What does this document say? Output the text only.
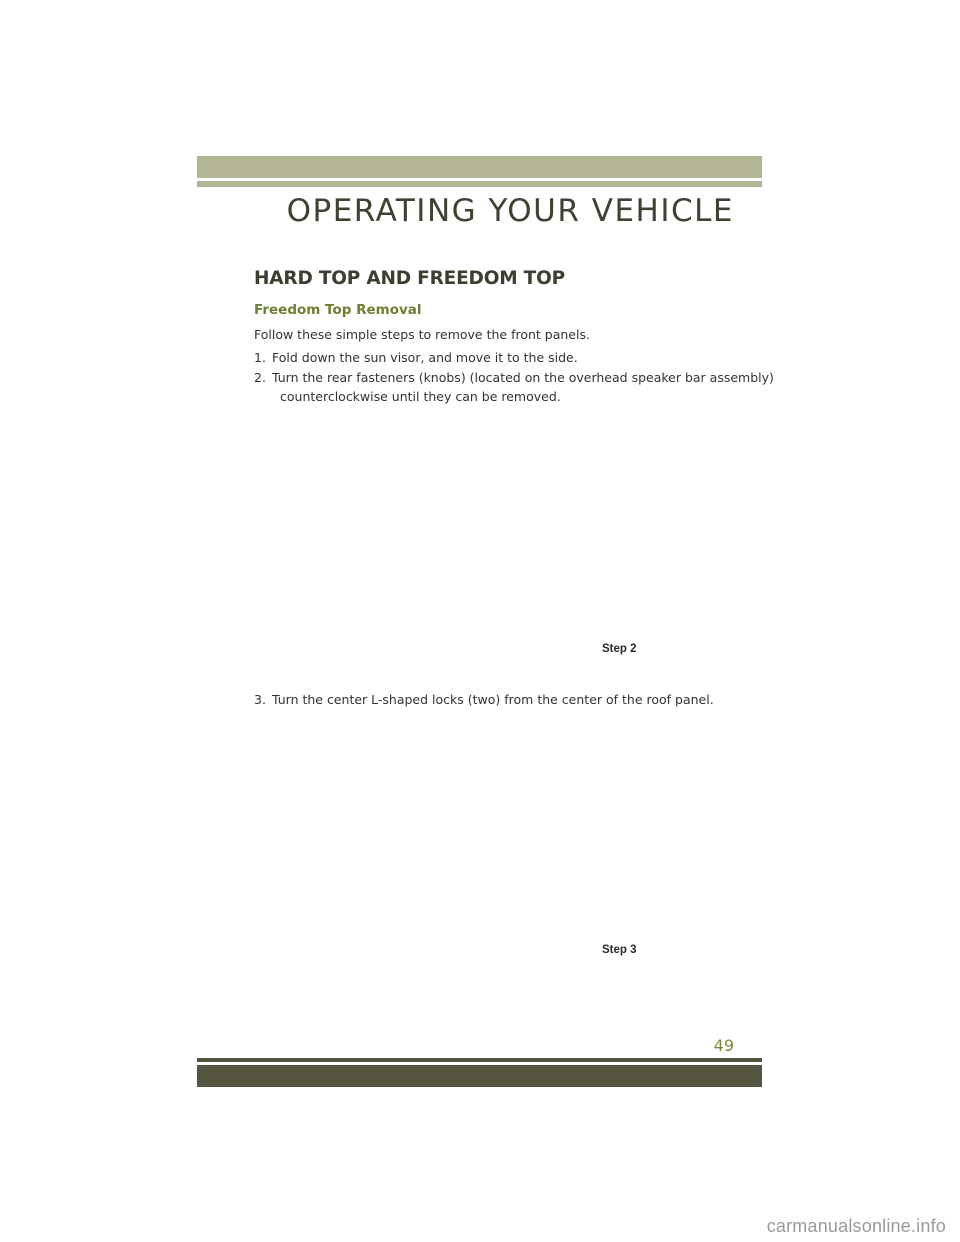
OPERATING YOUR VEHICLE
HARD TOP AND FREEDOM TOP
Freedom Top Removal

Follow these simple steps to remove the front panels.

1. Fold down the sun visor, and move it to the side.
2. Turn the rear fasteners (knobs) (located on the overhead speaker bar assembly)
counterclockwise until they can be removed.
Step 2
3. Turn the center L-shaped locks (two) from the center of the roof panel.
Step 3
49
carmanualsonline.info
